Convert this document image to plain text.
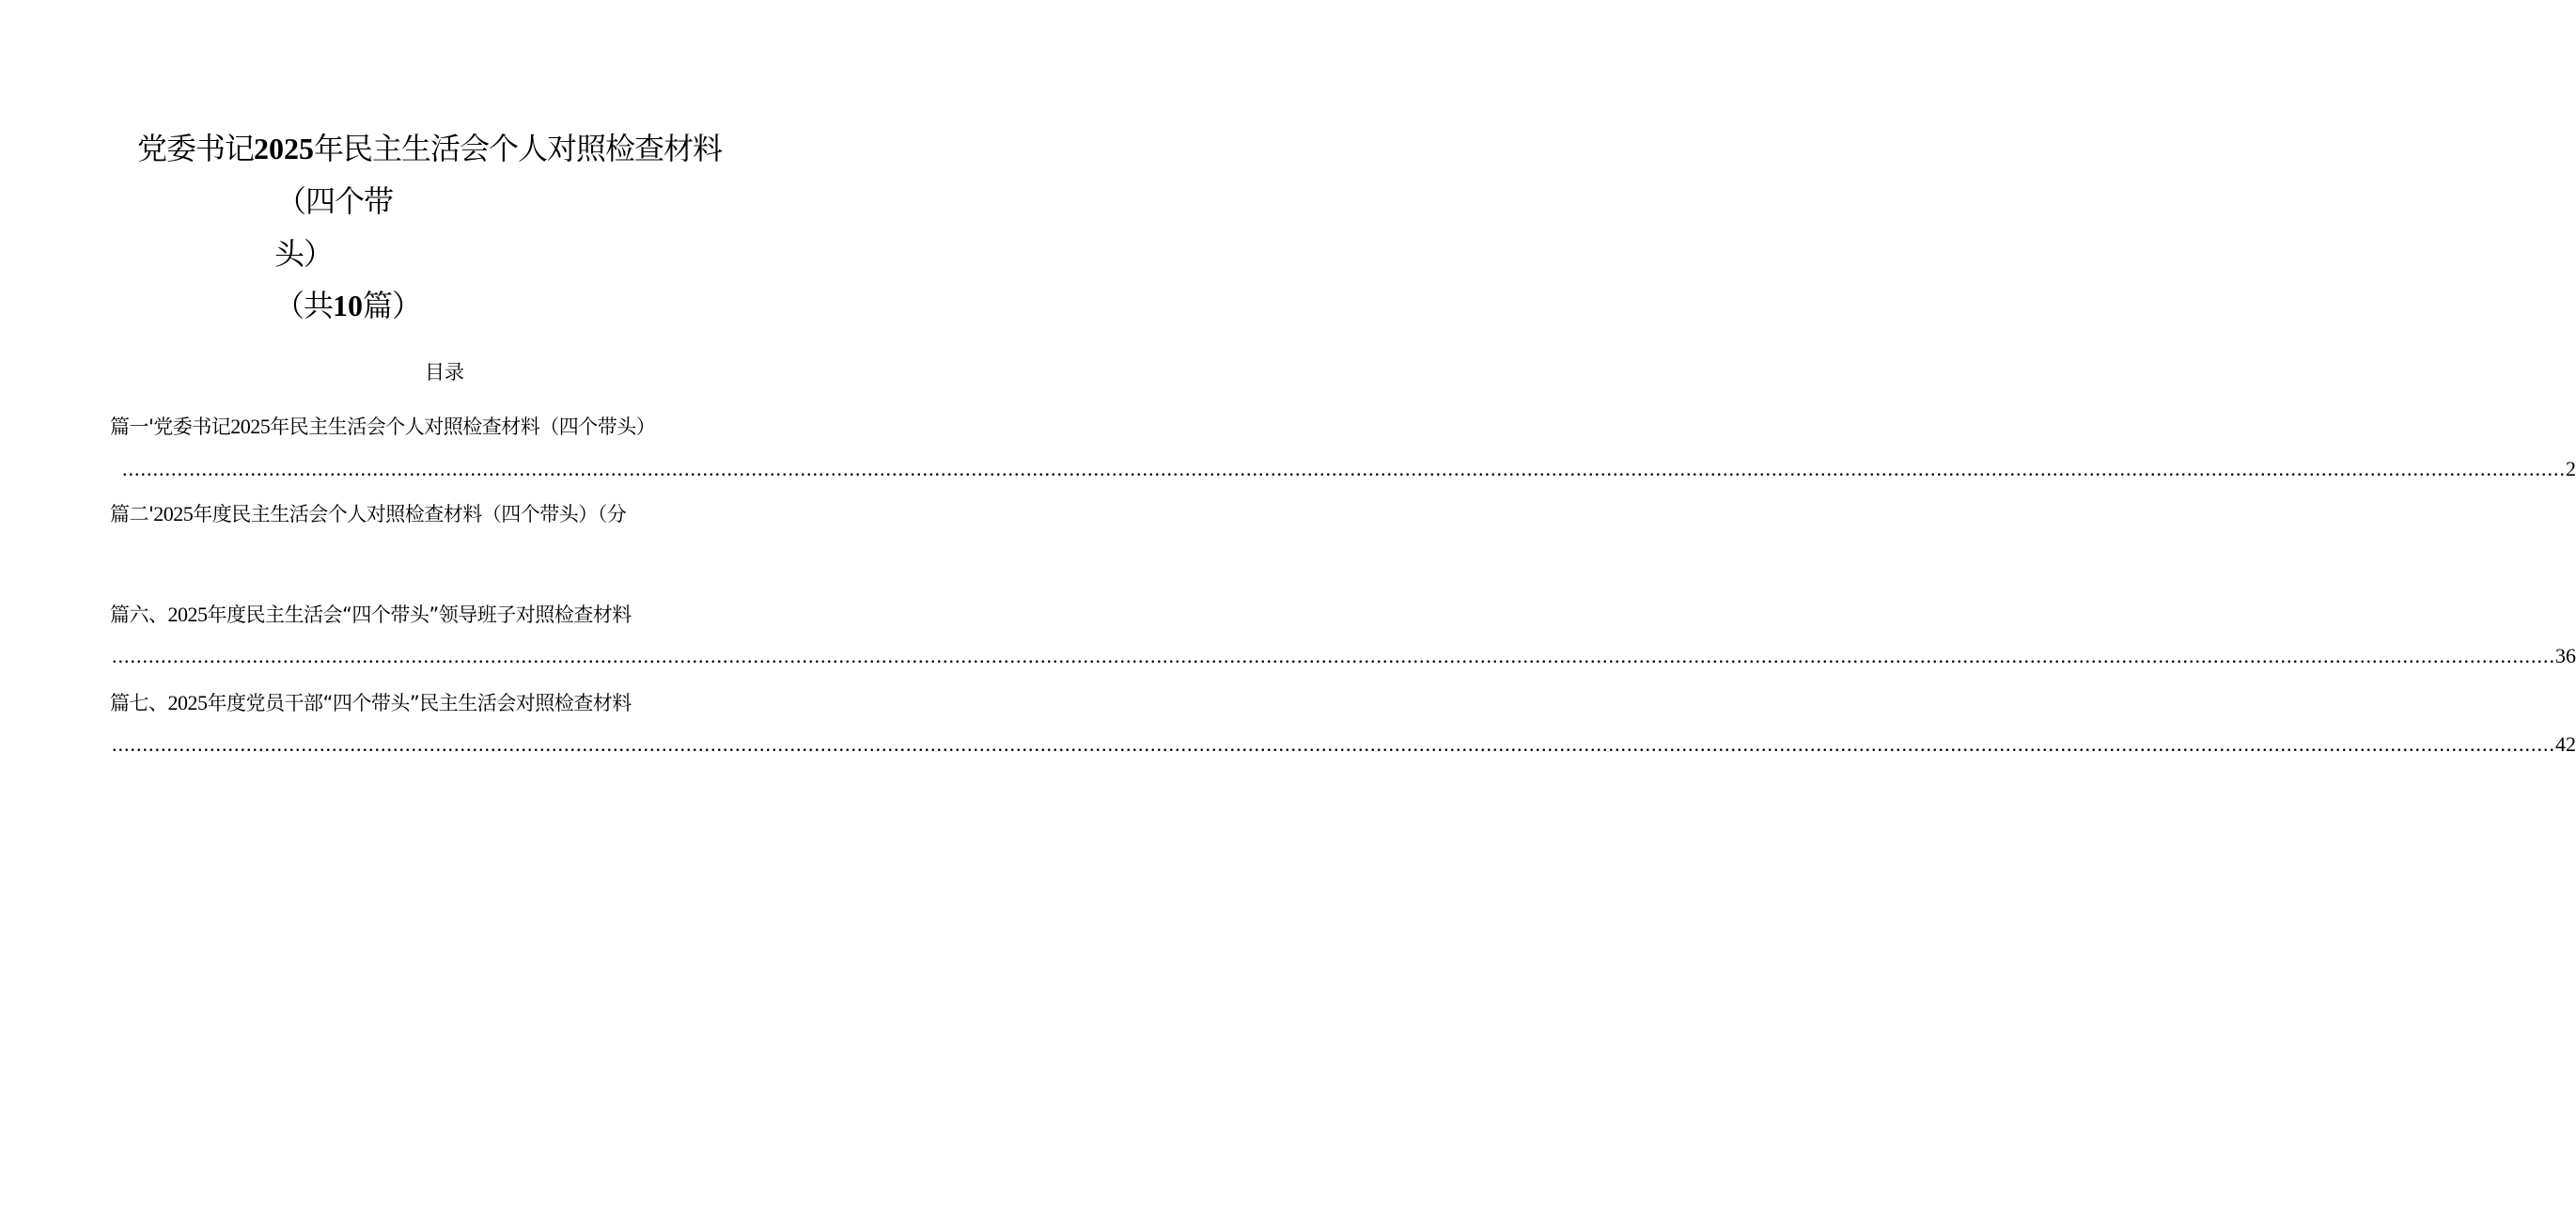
党委书记2025年民主生活会个人对照检查材料
（四个带
头）
（共10篇）
目录
篇一'党委书记2025年民主生活会个人对照检查材料（四个带头）
................................................................................................................................................................................................................................................................................................................................................................................................................ 2
篇二'2025年度民主生活会个人对照检查材料（四个带头）（分
篇六、2025年度民主生活会“四个带头”领导班子对照检查材料
................................................................................................................................................................................................................................................................................................................................................................................................................ 36
篇七、2025年度党员干部“四个带头”民主生活会对照检查材料
................................................................................................................................................................................................................................................................................................................................................................................................................ 42
